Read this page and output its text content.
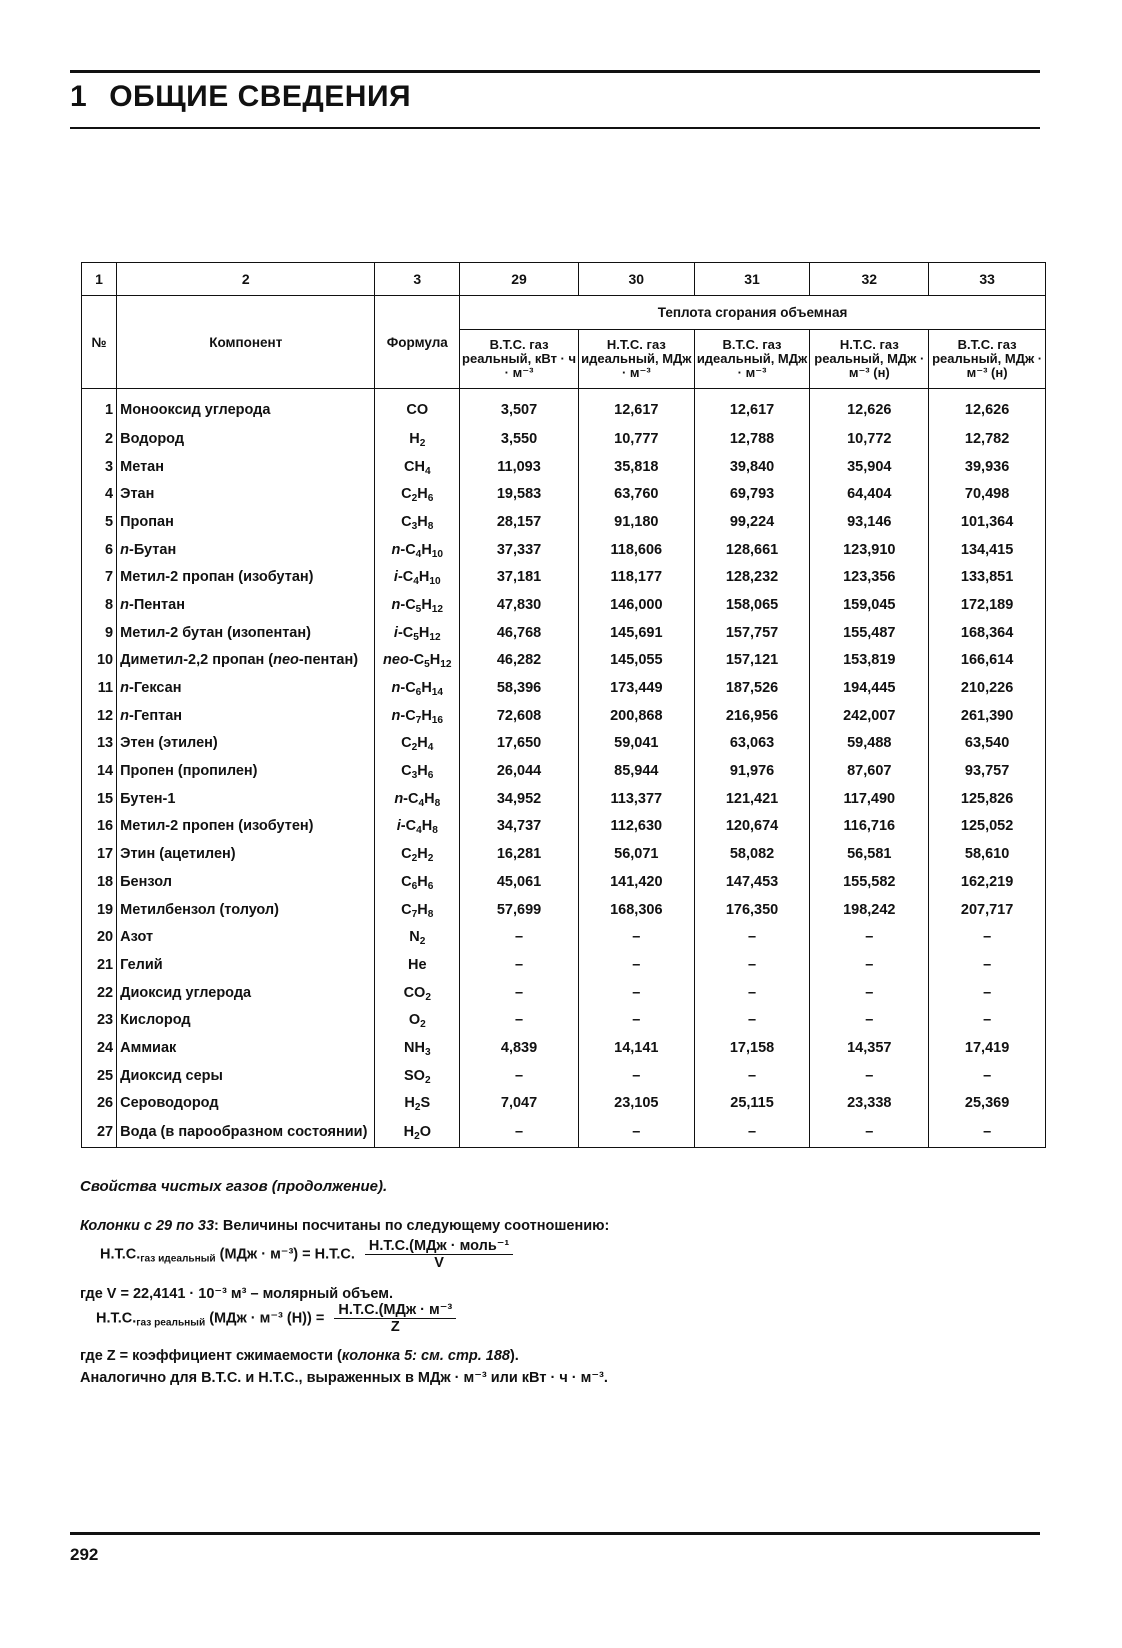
1 ОБЩИЕ СВЕДЕНИЯ
1	2	3	29	30	31	32	33
№	Компонент	Формула	Теплота сгорания объемная				
			В.Т.С. газ реальный, кВт · ч · м⁻³	Н.Т.С. газ идеальный, МДж · м⁻³	В.Т.С. газ идеальный, МДж · м⁻³	Н.Т.С. газ реальный, МДж · м⁻³ (н)	В.Т.С. газ реальный, МДж · м⁻³ (н)
1	Монооксид углерода	CO	3,507	12,617	12,617	12,626	12,626
2	Водород	$H_2$	3,550	10,777	12,788	10,772	12,782
3	Метан	$CH_4$	11,093	35,818	39,840	35,904	39,936
4	Этан	$C_2H_6$	19,583	63,760	69,793	64,404	70,498
5	Пропан	$C_3H_8$	28,157	91,180	99,224	93,146	101,364
6	n-Бутан	$n-C_4H_{10}$	37,337	118,606	128,661	123,910	134,415
7	Метил-2 пропан (изобутан)	$i-C_4H_{10}$	37,181	118,177	128,232	123,356	133,851
8	n-Пентан	$n-C_5H_{12}$	47,830	146,000	158,065	159,045	172,189
9	Метил-2 бутан (изопентан)	$i-C_5H_{12}$	46,768	145,691	157,757	155,487	168,364
10	Диметил-2,2 пропан (neo-пентан)	neo-$C_5H_{12}$	46,282	145,055	157,121	153,819	166,614
11	n-Гексан	$n-C_6H_{14}$	58,396	173,449	187,526	194,445	210,226
12	n-Гептан	$n-C_7H_{16}$	72,608	200,868	216,956	242,007	261,390
13	Этен (этилен)	$C_2H_4$	17,650	59,041	63,063	59,488	63,540
14	Пропен (пропилен)	$C_3H_6$	26,044	85,944	91,976	87,607	93,757
15	Бутен-1	$n-C_4H_8$	34,952	113,377	121,421	117,490	125,826
16	Метил-2 пропен (изобутен)	$i-C_4H_8$	34,737	112,630	120,674	116,716	125,052
17	Этин (ацетилен)	$C_2H_2$	16,281	56,071	58,082	56,581	58,610
18	Бензол	$C_6H_6$	45,061	141,420	147,453	155,582	162,219
19	Метилбензол (толуол)	$C_7H_8$	57,699	168,306	176,350	198,242	207,717
20	Азот	$N_2$	–	–	–	–	–
21	Гелий	He	–	–	–	–	–
22	Диоксид углерода	$CO_2$	–	–	–	–	–
23	Кислород	$O_2$	–	–	–	–	–
24	Аммиак	$NH_3$	4,839	14,141	17,158	14,357	17,419
25	Диоксид серы	$SO_2$	–	–	–	–	–
26	Сероводород	$H_2S$	7,047	23,105	25,115	23,338	25,369
27	Вода (в парообразном состоянии)	$H_2O$	–	–	–	–	–
Свойства чистых газов (продолжение).
Колонки с 29 по 33: Величины посчитаны по следующему соотношению:
$Н.Т.С._{газ идеальный}$ (МДж · м⁻³) = Н.Т.С. $\frac{\text{Н.Т.С.(МДж · моль⁻¹}}{V}$
где V = 22,4141 · 10⁻³ м³ – молярный объем.
$Н.Т.С._{газ реальный}$ (МДж · м⁻³ $(Н)) = \frac{\text{Н.Т.С.(МДж · м⁻³}}{Z}$
где Z = коэффициент сжимаемости (колонка 5: см. стр. 188).
Аналогично для В.Т.С. и Н.Т.С., выраженных в МДж · м⁻³ или кВт · ч · м⁻³.
292
